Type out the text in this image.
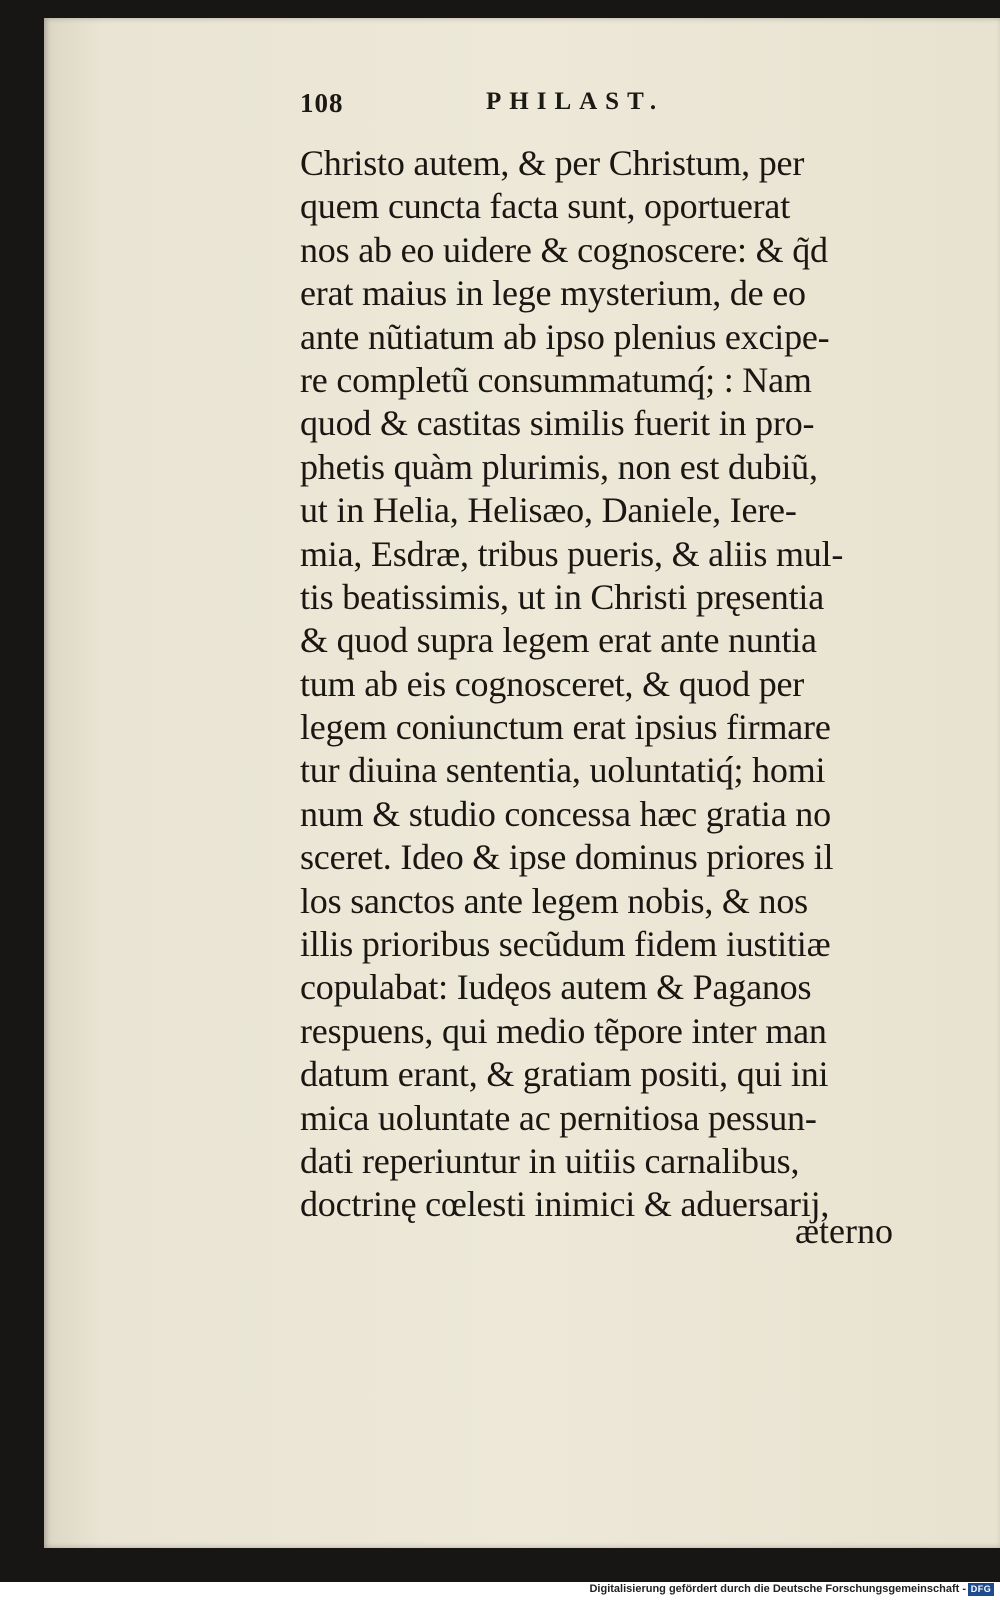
108	PHILAST.
Christo autem, & per Christum, per
quem cuncta facta sunt, oportuerat
nos ab eo uidere & cognoscere: & q̃d
erat maius in lege mysterium, de eo
ante nũtiatum ab ipso plenius excipe-
re completũ consummatumq́; : Nam
quod & castitas similis fuerit in pro-
phetis quàm plurimis, non est dubiũ,
ut in Helia, Helisæo, Daniele, Iere-
mia, Esdræ, tribus pueris, & aliis mul-
tis beatissimis, ut in Christi pręsentia
& quod supra legem erat ante nuntia
tum ab eis cognosceret, & quod per
legem coniunctum erat ipsius firmare
tur diuina sententia, uoluntatiq́; homi
num & studio concessa hæc gratia no
sceret. Ideo & ipse dominus priores il
los sanctos ante legem nobis, & nos
illis prioribus secũdum fidem iustitiæ
copulabat: Iudęos autem & Paganos
respuens, qui medio tẽpore inter man
datum erant, & gratiam positi, qui ini
mica uoluntate ac pernitiosa pessun-
dati reperiuntur in uitiis carnalibus,
doctrinę cœlesti inimici & aduersarij,
æterno
Digitalisierung gefördert durch die Deutsche Forschungsgemeinschaft - DFG
